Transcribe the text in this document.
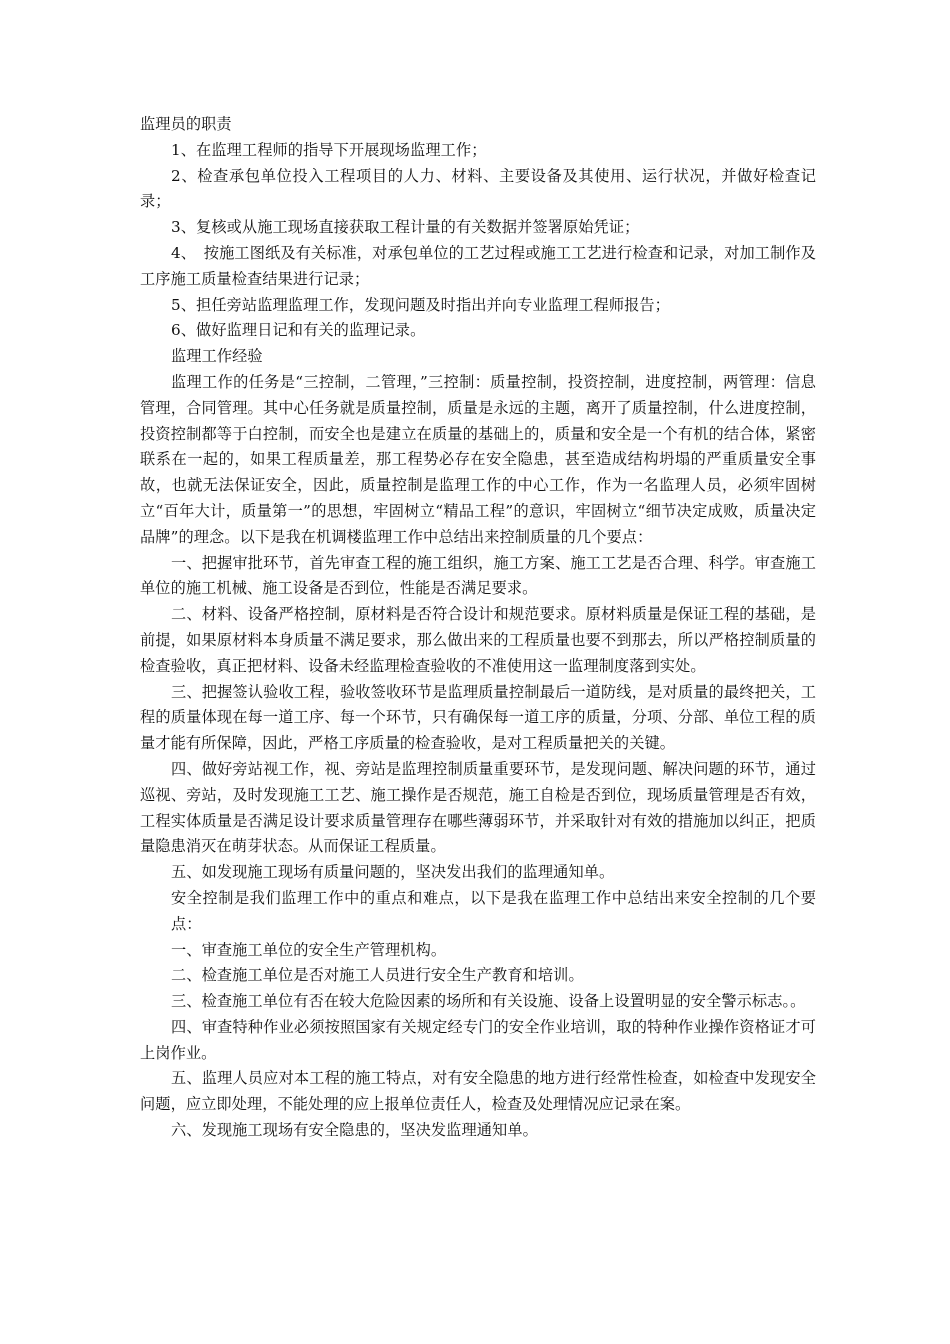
监理员的职责

1、在监理工程师的指导下开展现场监理工作；

2、检查承包单位投入工程项目的人力、材料、主要设备及其使用、运行状况，并做好检查记录；

3、复核或从施工现场直接获取工程计量的有关数据并签署原始凭证；

4、　按施工图纸及有关标准，对承包单位的工艺过程或施工工艺进行检查和记录，对加工制作及工序施工质量检查结果进行记录；

5、担任旁站监理监理工作，发现问题及时指出并向专业监理工程师报告；

6、做好监理日记和有关的监理记录。

监理工作经验

监理工作的任务是“三控制，二管理，”三控制：质量控制，投资控制，进度控制，两管理：信息管理，合同管理。其中心任务就是质量控制，质量是永远的主题，离开了质量控制，什么进度控制，投资控制都等于白控制，而安全也是建立在质量的基础上的，质量和安全是一个有机的结合体，紧密联系在一起的，如果工程质量差，那工程势必存在安全隐患，甚至造成结构坍塌的严重质量安全事故，也就无法保证安全，因此，质量控制是监理工作的中心工作，作为一名监理人员，必须牢固树立“百年大计，质量第一”的思想，牢固树立“精品工程”的意识，牢固树立“细节决定成败，质量决定品牌”的理念。以下是我在机调楼监理工作中总结出来控制质量的几个要点：

一、把握审批环节，首先审查工程的施工组织，施工方案、施工工艺是否合理、科学。审查施工单位的施工机械、施工设备是否到位，性能是否满足要求。

二、材料、设备严格控制，原材料是否符合设计和规范要求。原材料质量是保证工程的基础，是前提，如果原材料本身质量不满足要求，那么做出来的工程质量也要不到那去，所以严格控制质量的检查验收，真正把材料、设备未经监理检查验收的不准使用这一监理制度落到实处。

三、把握签认验收工程，验收签收环节是监理质量控制最后一道防线，是对质量的最终把关，工程的质量体现在每一道工序、每一个环节，只有确保每一道工序的质量，分项、分部、单位工程的质量才能有所保障，因此，严格工序质量的检查验收，是对工程质量把关的关键。

四、做好旁站视工作，视、旁站是监理控制质量重要环节，是发现问题、解决问题的环节，通过巡视、旁站，及时发现施工工艺、施工操作是否规范，施工自检是否到位，现场质量管理是否有效，工程实体质量是否满足设计要求质量管理存在哪些薄弱环节，并采取针对有效的措施加以纠正，把质量隐患消灭在萌芽状态。从而保证工程质量。

五、如发现施工现场有质量问题的，坚决发出我们的监理通知单。

安全控制是我们监理工作中的重点和难点，以下是我在监理工作中总结出来安全控制的几个要点：

一、审查施工单位的安全生产管理机构。

二、检查施工单位是否对施工人员进行安全生产教育和培训。

三、检查施工单位有否在较大危险因素的场所和有关设施、设备上设置明显的安全警示标志。。

四、审查特种作业必须按照国家有关规定经专门的安全作业培训，取的特种作业操作资格证才可上岗作业。

五、监理人员应对本工程的施工特点，对有安全隐患的地方进行经常性检查，如检查中发现安全问题，应立即处理，不能处理的应上报单位责任人，检查及处理情况应记录在案。

六、发现施工现场有安全隐患的，坚决发监理通知单。
